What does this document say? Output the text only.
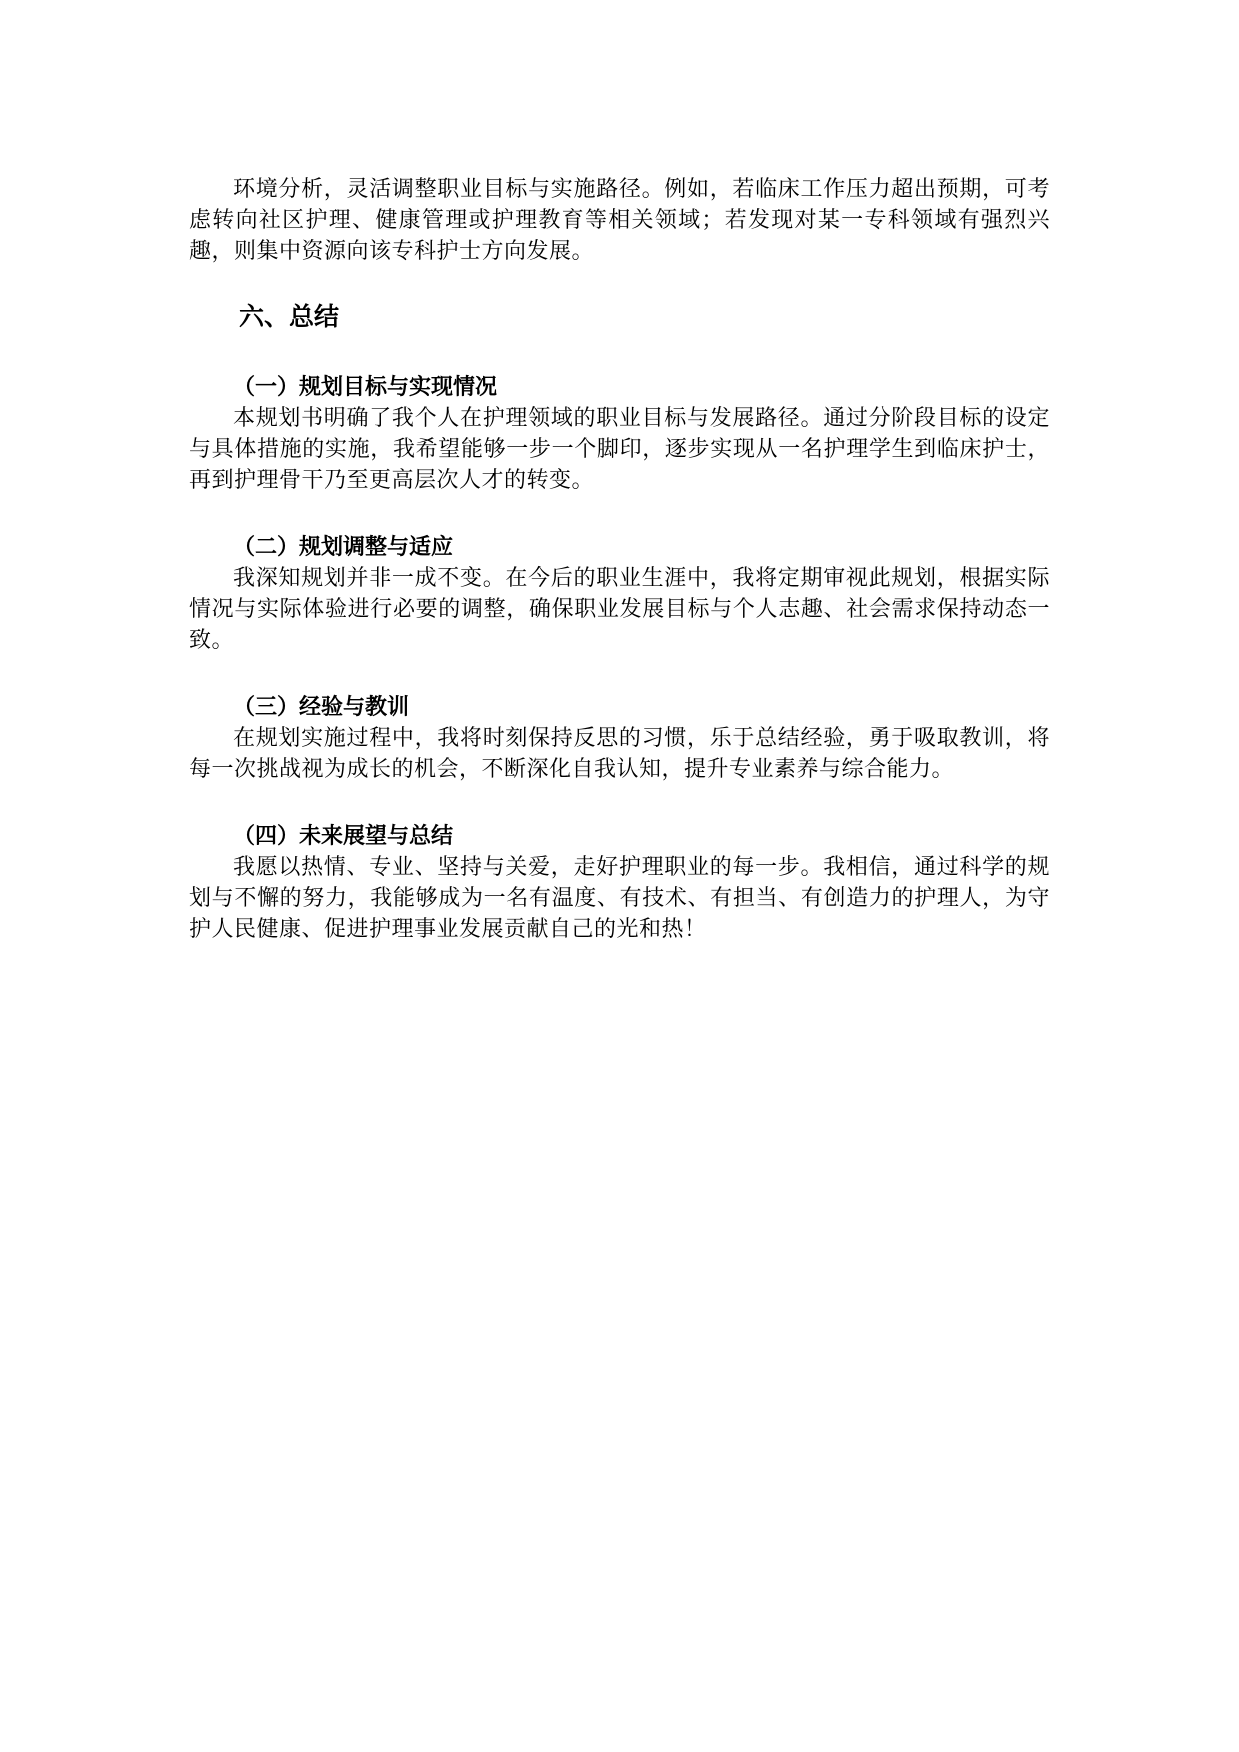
环境分析，灵活调整职业目标与实施路径。例如，若临床工作压力超出预期，可考虑转向社区护理、健康管理或护理教育等相关领域；若发现对某一专科领域有强烈兴趣，则集中资源向该专科护士方向发展。

六、总结
（一）规划目标与实现情况

本规划书明确了我个人在护理领域的职业目标与发展路径。通过分阶段目标的设定与具体措施的实施，我希望能够一步一个脚印，逐步实现从一名护理学生到临床护士，再到护理骨干乃至更高层次人才的转变。

（二）规划调整与适应

我深知规划并非一成不变。在今后的职业生涯中，我将定期审视此规划，根据实际情况与实际体验进行必要的调整，确保职业发展目标与个人志趣、社会需求保持动态一致。

（三）经验与教训

在规划实施过程中，我将时刻保持反思的习惯，乐于总结经验，勇于吸取教训，将每一次挑战视为成长的机会，不断深化自我认知，提升专业素养与综合能力。

（四）未来展望与总结

我愿以热情、专业、坚持与关爱，走好护理职业的每一步。我相信，通过科学的规划与不懈的努力，我能够成为一名有温度、有技术、有担当、有创造力的护理人，为守护人民健康、促进护理事业发展贡献自己的光和热！
